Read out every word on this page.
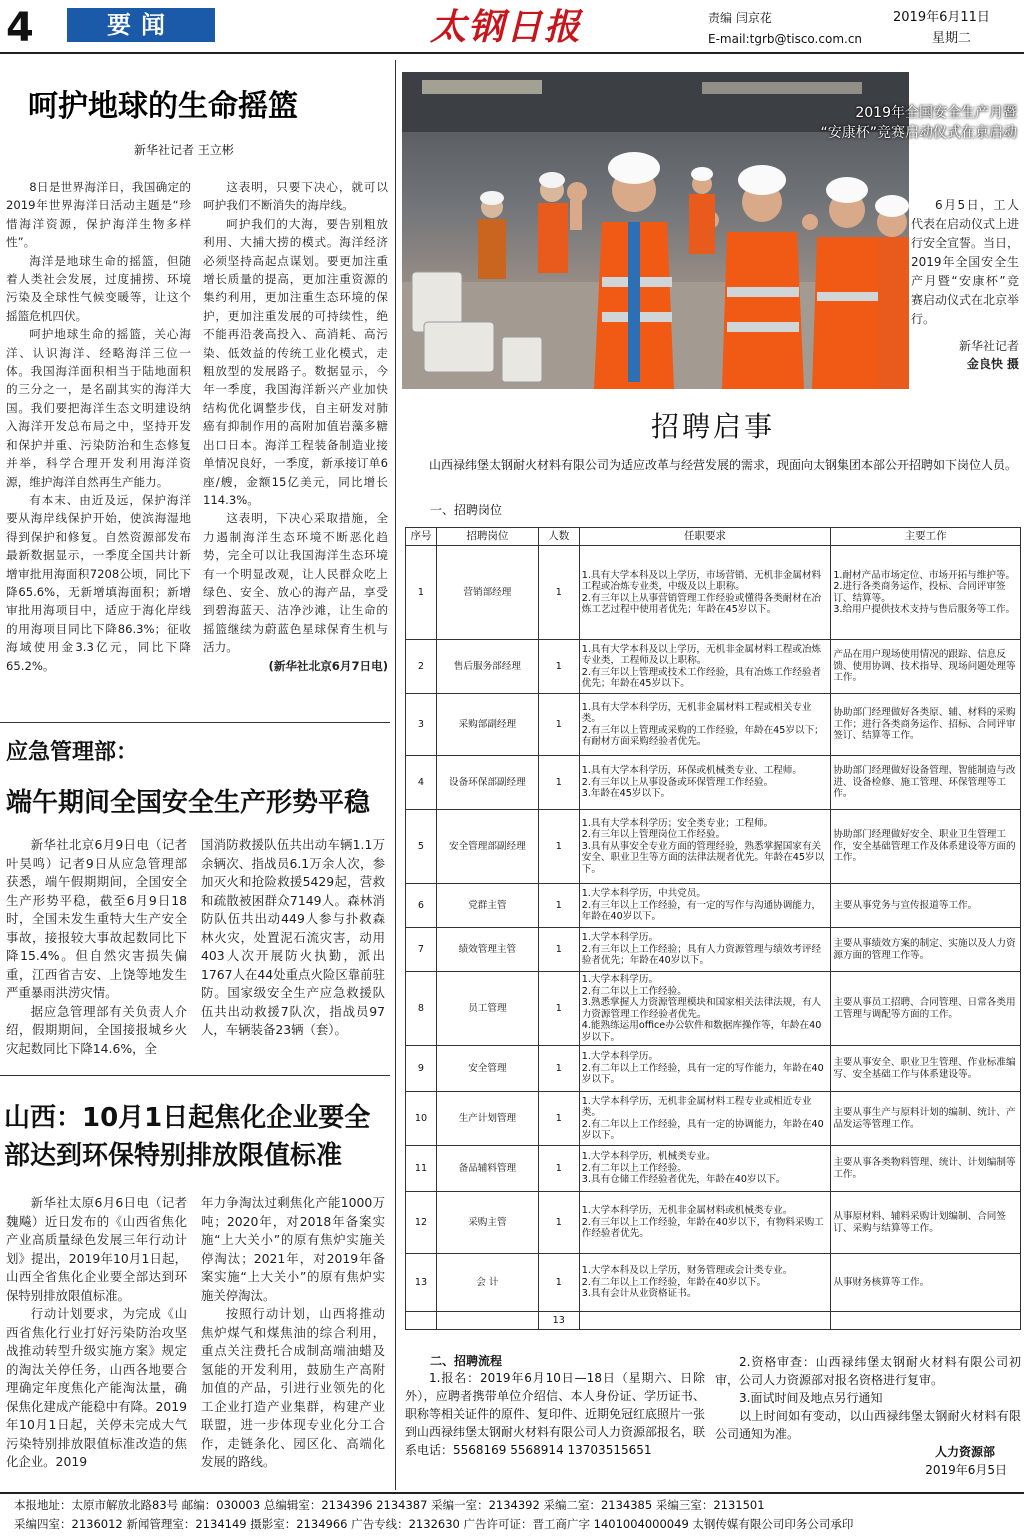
4	要闻	太钢日报	责编 闫京花
E-mail:tgrb@tisco.com.cn
2019年6月11日
星期二
呵护地球的生命摇篮
新华社记者 王立彬

8日是世界海洋日，我国确定的2019年世界海洋日活动主题是“珍惜海洋资源，保护海洋生物多样性”。

海洋是地球生命的摇篮，但随着人类社会发展，过度捕捞、环境污染及全球性气候变暖等，让这个摇篮危机四伏。

呵护地球生命的摇篮，关心海洋、认识海洋、经略海洋三位一体。我国海洋面积相当于陆地面积的三分之一，是名副其实的海洋大国。我们要把海洋生态文明建设纳入海洋开发总布局之中，坚持开发和保护并重、污染防治和生态修复并举，科学合理开发利用海洋资源，维护海洋自然再生产能力。

有本末、由近及远，保护海洋要从海岸线保护开始，使滨海湿地得到保护和修复。自然资源部发布最新数据显示，一季度全国共计新增审批用海面积7208公顷，同比下降65.6%，无新增填海面积；新增审批用海项目中，适应于海化岸线的用海项目同比下降86.3%；征收海域使用金3.3亿元，同比下降65.2%。

这表明，只要下决心，就可以呵护我们不断消失的海岸线。

呵护我们的大海，要告别粗放利用、大捕大捞的模式。海洋经济必须坚持高起点谋划。要更加注重增长质量的提高，更加注重资源的集约利用，更加注重生态环境的保护，更加注重发展的可持续性，绝不能再沿袭高投入、高消耗、高污染、低效益的传统工业化模式，走粗放型的发展路子。数据显示，今年一季度，我国海洋新兴产业加快结构优化调整步伐，自主研发对肺癌有抑制作用的高附加值岩藻多糖出口日本。海洋工程装备制造业接单情况良好，一季度，新承接订单6座/艘，金额15亿美元，同比增长114.3%。

这表明，下决心采取措施，全力遏制海洋生态环境不断恶化趋势，完全可以让我国海洋生态环境有一个明显改观，让人民群众吃上绿色、安全、放心的海产品，享受到碧海蓝天、洁净沙滩，让生命的摇篮继续为蔚蓝色星球保育生机与活力。

(新华社北京6月7日电)
应急管理部：
端午期间全国安全生产形势平稳

新华社北京6月9日电（记者叶昊鸣）记者9日从应急管理部获悉，端午假期期间，全国安全生产形势平稳，截至6月9日18时，全国未发生重特大生产安全事故，接报较大事故起数同比下降15.4%。但自然灾害损失偏重，江西省吉安、上饶等地发生严重暴雨洪涝灾情。

据应急管理部有关负责人介绍，假期期间，全国接报城乡火灾起数同比下降14.6%，全

国消防救援队伍共出动车辆1.1万余辆次、指战员6.1万余人次，参加灭火和抢险救援5429起，营救和疏散被困群众7149人。森林消防队伍共出动449人参与扑救森林火灾，处置泥石流灾害，动用403人次开展防火执勤，派出1767人在44处重点火险区靠前驻防。国家级安全生产应急救援队伍共出动救援7队次，指战员97人，车辆装备23辆（套）。

山西：10月1日起焦化企业要全
部达到环保特别排放限值标准

新华社太原6月6日电（记者魏飚）近日发布的《山西省焦化产业高质量绿色发展三年行动计划》提出，2019年10月1日起，山西全省焦化企业要全部达到环保特别排放限值标准。

行动计划要求，为完成《山西省焦化行业打好污染防治攻坚战推动转型升级实施方案》规定的淘汰关停任务，山西各地要合理确定年度焦化产能淘汰量，确保焦化建成产能稳中有降。2019年10月1日起，关停未完成大气污染特别排放限值标准改造的焦化企业。2019

年力争淘汰过剩焦化产能1000万吨；2020年，对2018年备案实施“上大关小”的原有焦炉实施关停淘汰；2021年，对2019年备案实施“上大关小”的原有焦炉实施关停淘汰。

按照行动计划，山西将推动焦炉煤气和煤焦油的综合利用，重点关注费托合成制高端油蜡及氢能的开发利用，鼓励生产高附加值的产品，引进行业领先的化工企业打造产业集群，构建产业联盟，进一步体现专业化分工合作，走链条化、园区化、高端化发展的路线。

2019年全国安全生产月暨
“安康杯”竞赛启动仪式在京启动
6月5日，工人代表在启动仪式上进行安全宣誓。当日，2019年全国安全生产月暨“安康杯”竞赛启动仪式在北京举行。
新华社记者
金良快 摄
招聘启事
山西禄纬堡太钢耐火材料有限公司为适应改革与经营发展的需求，现面向太钢集团本部公开招聘如下岗位人员。
一、招聘岗位
序号	招聘岗位	人数	任职要求	主要工作
1	营销部经理	1	1.具有大学本科及以上学历，市场营销、无机非金属材料工程或冶炼专业类，中级及以上职称。
2.有三年以上从事营销管理工作经验或懂得各类耐材在冶炼工艺过程中使用者优先；年龄在45岁以下。	1.耐材产品市场定位、市场开拓与维护等。
2.进行各类商务运作，投标、合同评审签订、结算等。
3.给用户提供技术支持与售后服务等工作。
2	售后服务部经理	1	1.具有大学本科及以上学历，无机非金属材料工程或冶炼专业类，工程师及以上职称。
2.有三年以上管理或技术工作经验，具有冶炼工作经验者优先；年龄在45岁以下。	产品在用户现场使用情况的跟踪、信息反馈、使用协调、技术指导、现场问题处理等工作。
3	采购部副经理	1	1.具有大学本科学历，无机非金属材料工程或相关专业类。
2.有三年以上管理或采购的工作经验，年龄在45岁以下；有耐材方面采购经验者优先。	协助部门经理做好各类原、辅、材料的采购工作；进行各类商务运作、招标、合同评审签订、结算等工作。
4	设备环保部副经理	1	1.具有大学本科学历，环保或机械类专业、工程师。
2.有三年以上从事设备或环保管理工作经验。
3.年龄在45岁以下。	协助部门经理做好设备管理、智能制造与改进、设备检修、施工管理、环保管理等工作。
5	安全管理部副经理	1	1.具有大学本科学历；安全类专业；工程师。
2.有三年以上管理岗位工作经验。
3.具有从事安全专业方面的管理经验，熟悉掌握国家有关安全、职业卫生等方面的法律法规者优先。年龄在45岁以下。	协助部门经理做好安全、职业卫生管理工作，安全基础管理工作及体系建设等方面的工作。
6	党群主管	1	1.大学本科学历，中共党员。
2.有三年以上工作经验，有一定的写作与沟通协调能力，年龄在40岁以下。	主要从事党务与宣传报道等工作。
7	绩效管理主管	1	1.大学本科学历。
2.有三年以上工作经验；具有人力资源管理与绩效考评经验者优先；年龄在40岁以下。	主要从事绩效方案的制定、实施以及人力资源方面的管理工作等。
8	员工管理	1	1.大学本科学历。
2.有二年以上工作经验。
3.熟悉掌握人力资源管理模块和国家相关法律法规，有人力资源管理工作经验者优先。
4.能熟练运用office办公软件和数据库操作等，年龄在40岁以下。	主要从事员工招聘、合同管理、日常各类用工管理与调配等方面的工作。
9	安全管理	1	1.大学本科学历。
2.有二年以上工作经验，具有一定的写作能力，年龄在40岁以下。	主要从事安全、职业卫生管理、作业标准编写、安全基础工作与体系建设等。
10	生产计划管理	1	1.大学本科学历，无机非金属材料工程专业或相近专业类。
2.有二年以上工作经验，具有一定的协调能力，年龄在40岁以下。	主要从事生产与原料计划的编制、统计、产品发运等管理工作。
11	备品辅料管理	1	1.大学本科学历，机械类专业。
2.有二年以上工作经验。
3.具有仓储工作经验者优先，年龄在40岁以下。	主要从事各类物料管理、统计、计划编制等工作。
12	采购主管	1	1.大学本科学历，无机非金属材料或机械类专业。
2.有三年以上工作经验，年龄在40岁以下，有物料采购工作经验者优先。	从事原材料、辅料采购计划编制、合同签订、采购与结算等工作。
13	会 计	1	1.大学本科及以上学历，财务管理或会计类专业。
2.有二年以上工作经验，年龄在40岁以下。
3.具有会计从业资格证书。	从事财务核算等工作。
		13		
二、招聘流程
1.报名：2019年6月10日—18日（星期六、日除外），应聘者携带单位介绍信、本人身份证、学历证书、职称等相关证件的原件、复印件、近期免冠红底照片一张到山西禄纬堡太钢耐火材料有限公司人力资源部报名，联系电话：5568169 5568914 13703515651
2.资格审查：山西禄纬堡太钢耐火材料有限公司初审，公司人力资源部对报名资格进行复审。
3.面试时间及地点另行通知
以上时间如有变动，以山西禄纬堡太钢耐火材料有限公司通知为准。
人力资源部
2019年6月5日
本报地址：太原市解放北路83号 邮编：030003 总编辑室：2134396 2134387 采编一室：2134392 采编二室：2134385 采编三室：2131501
采编四室：2136012 新闻管理室：2134149 摄影室：2134966 广告专线：2132630 广告许可证：晋工商广字 1401004000049 太钢传媒有限公司印务公司承印
